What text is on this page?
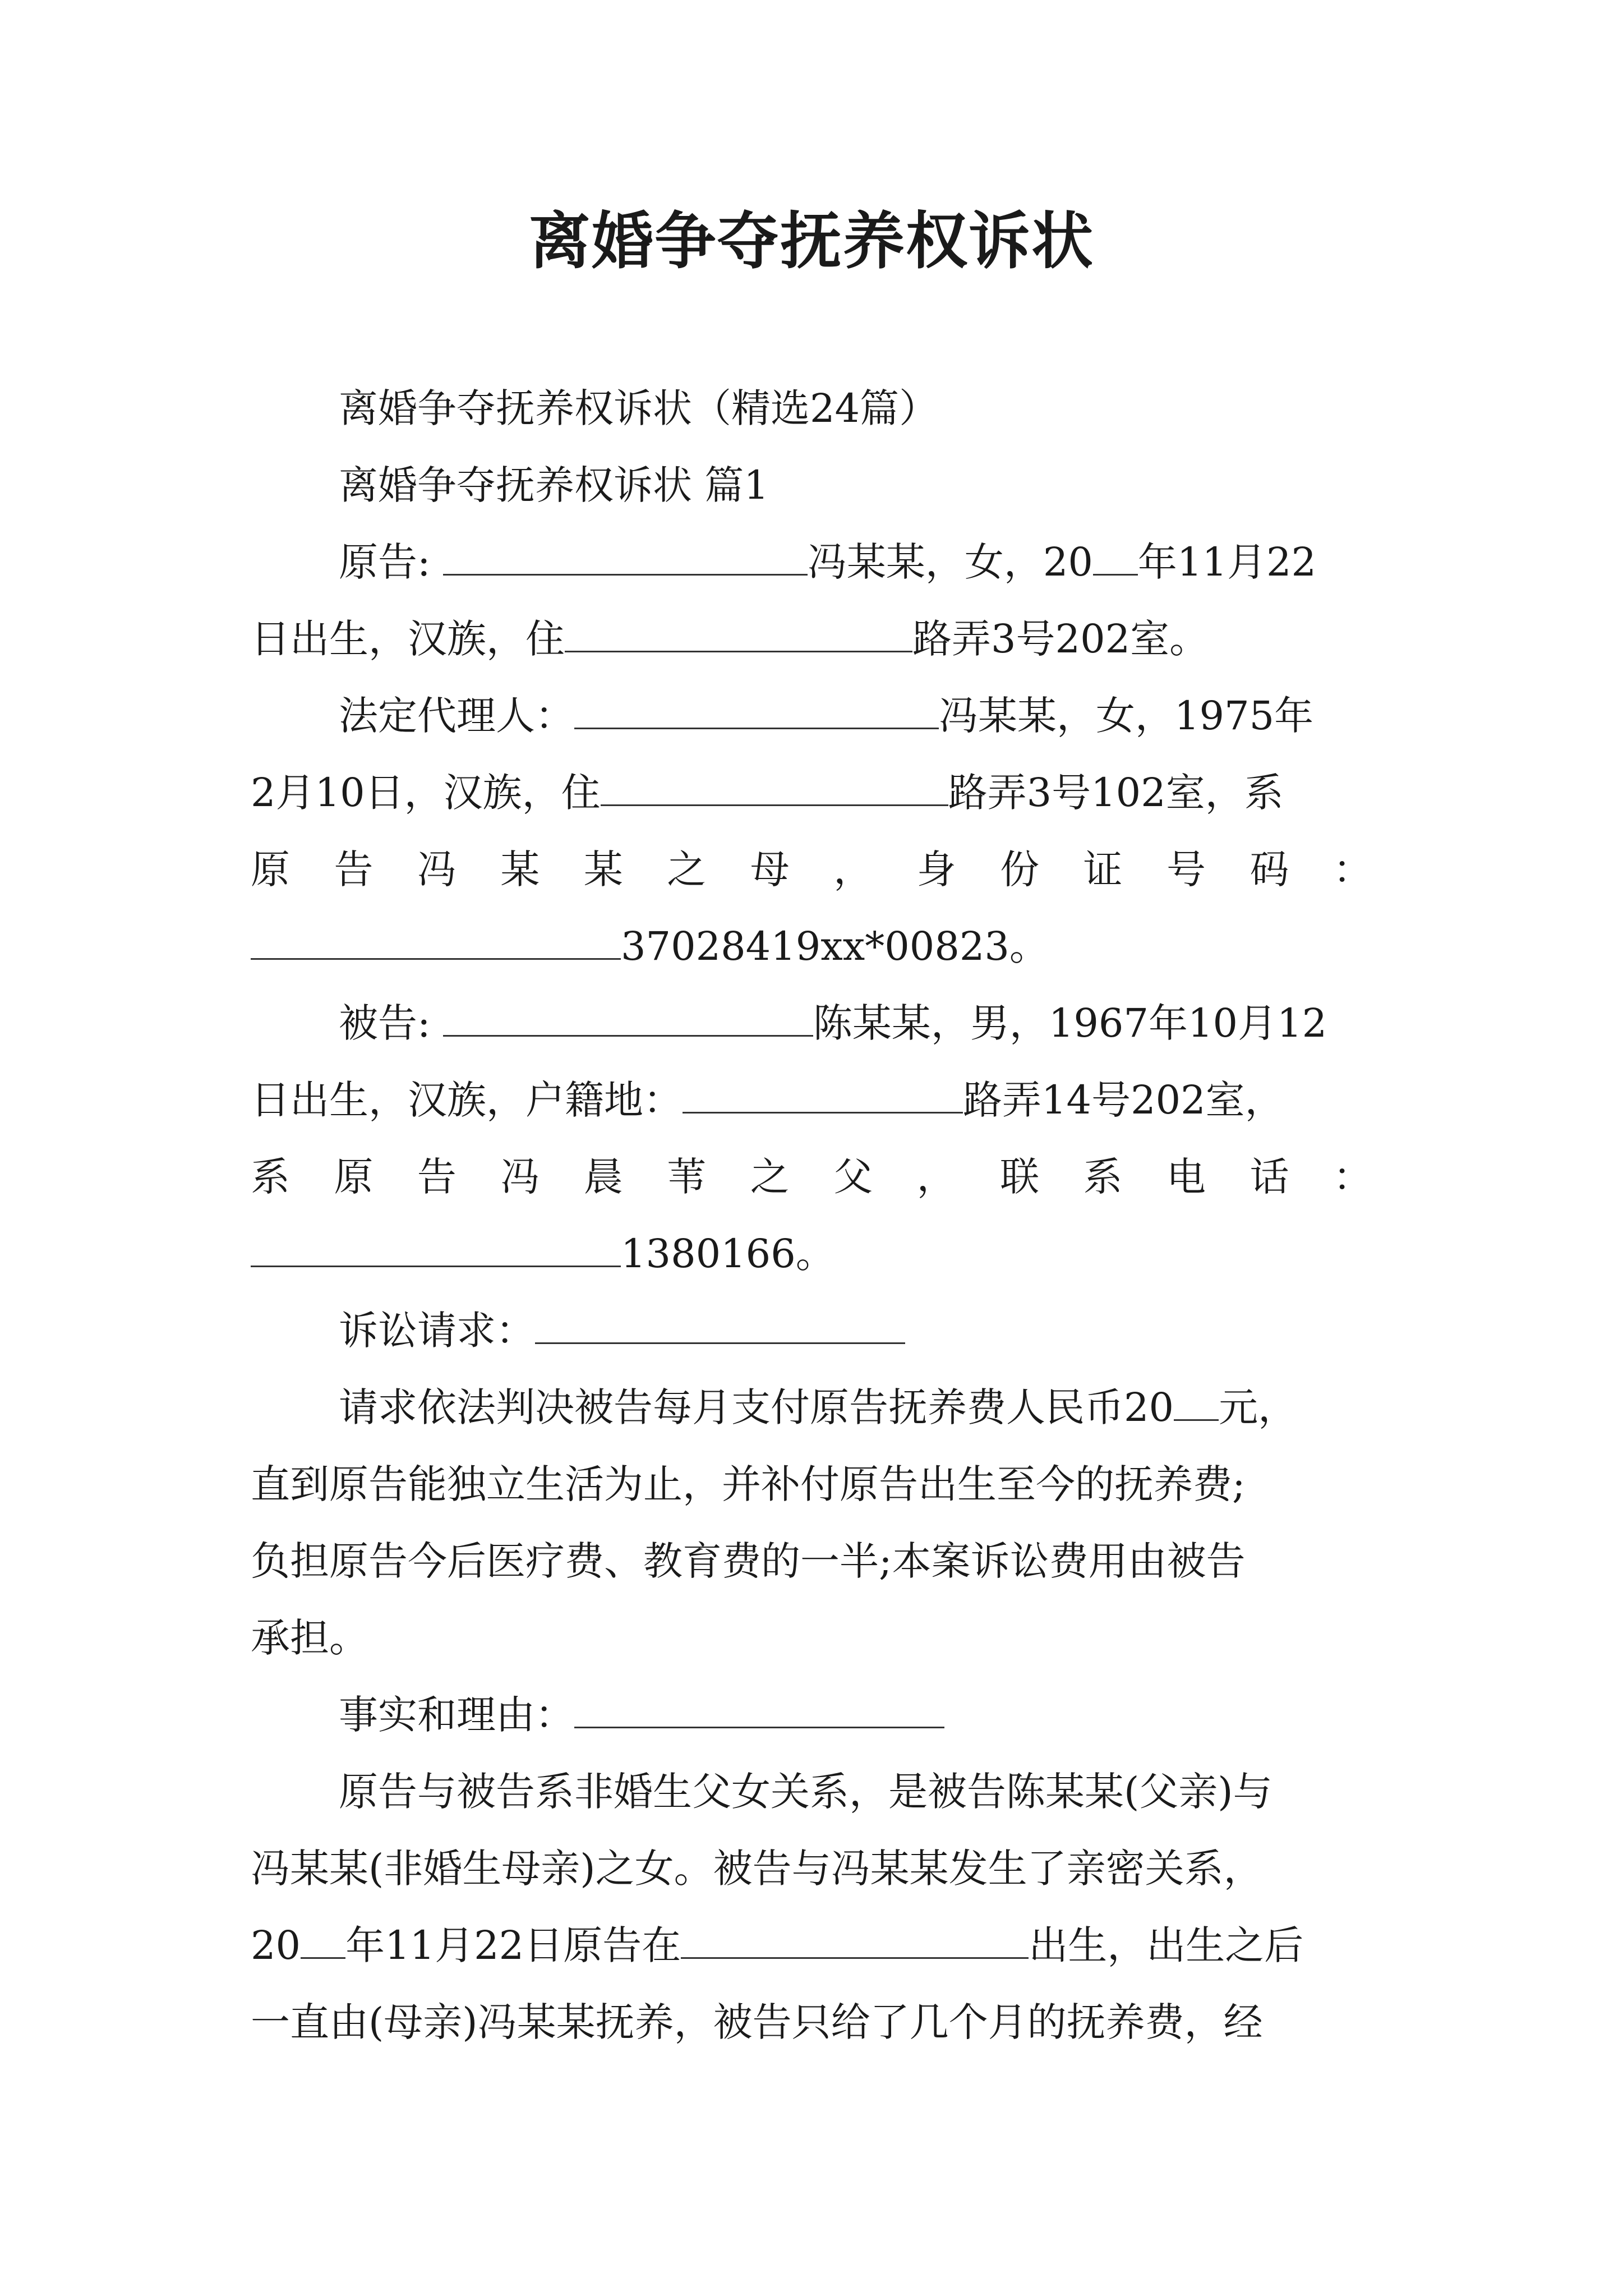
离婚争夺抚养权诉状
离婚争夺抚养权诉状（精选24篇）
离婚争夺抚养权诉状 篇1
原告:	冯某某，女，20 年11月22
日出生，汉族，住	路弄3号202室。
法定代理人：	冯某某，女，1975年
2月10日，汉族，住	路弄3号102室，系
原 告 冯 某 某 之 母 ， 身 份 证 号 码 ：
37028419xx*00823。
被告:	陈某某，男，1967年10月12
日出生，汉族，户籍地：	路弄14号202室，
系 原 告 冯 晨 苇 之 父 ， 联 系 电 话 ：
1380166。
诉讼请求：
请求依法判决被告每月支付原告抚养费人民币20 元，
直到原告能独立生活为止，并补付原告出生至今的抚养费;
负担原告今后医疗费、教育费的一半;本案诉讼费用由被告
承担。
事实和理由：
原告与被告系非婚生父女关系，是被告陈某某(父亲)与
冯某某(非婚生母亲)之女。被告与冯某某发生了亲密关系，
20 年11月22日原告在	出生，出生之后
一直由(母亲)冯某某抚养，被告只给了几个月的抚养费，经
